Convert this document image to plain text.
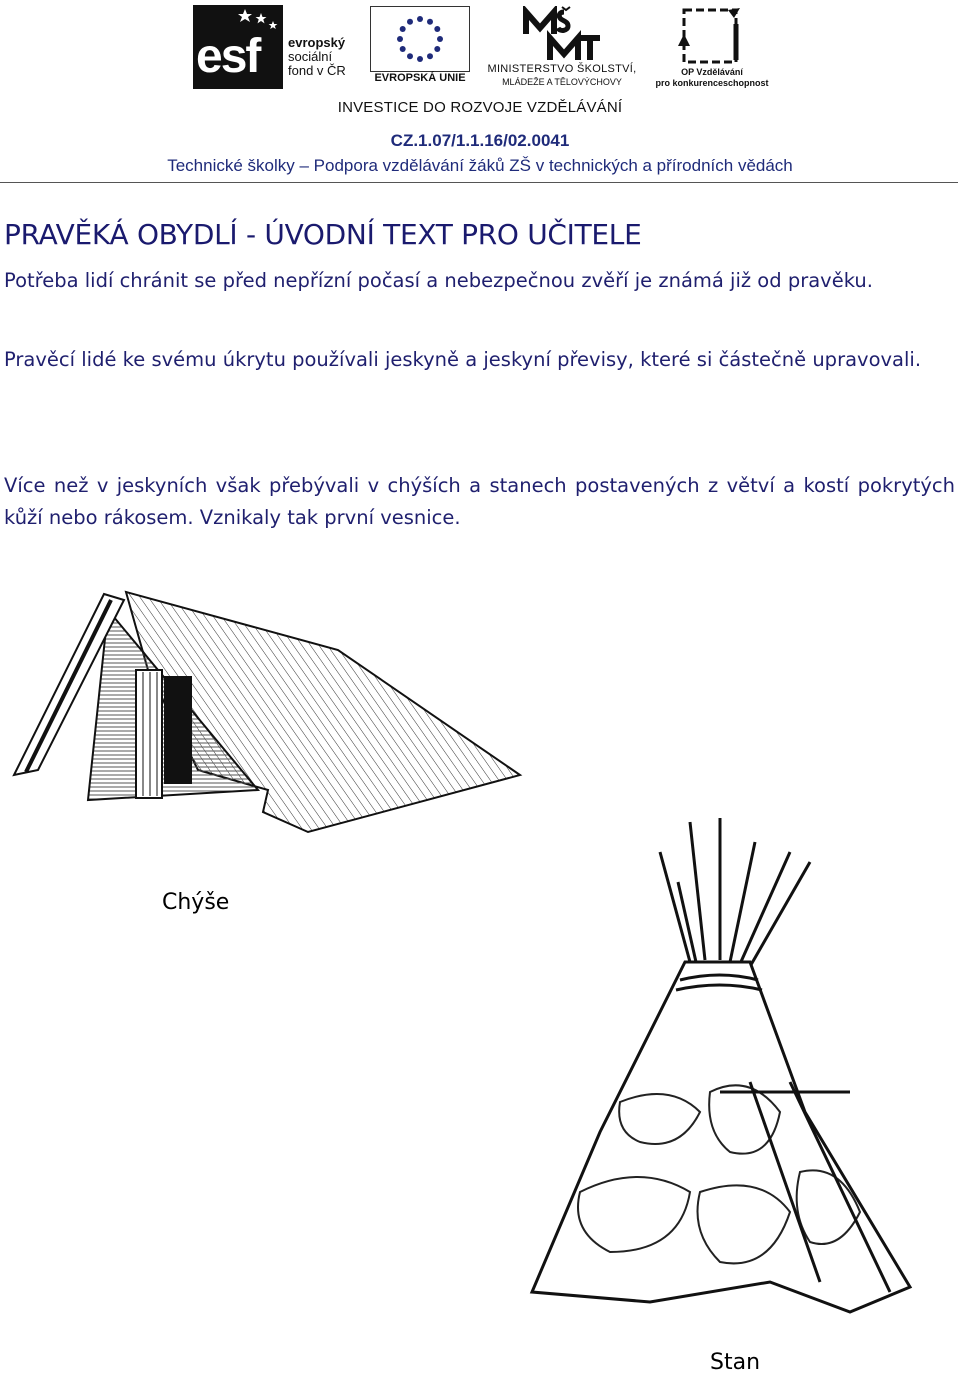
esf evropský
sociální
fond v ČR	EVROPSKÁ UNIE
MINISTERSTVO ŠKOLSTVÍ,
MLÁDEŽE A TĚLOVÝCHOVY
OP Vzdělávání
pro konkurenceschopnost
INVESTICE DO ROZVOJE VZDĚLÁVÁNÍ
CZ.1.07/1.1.16/02.0041
Technické školky – Podpora vzdělávání žáků ZŠ v technických a přírodních vědách
PRAVĚKÁ OBYDLÍ - ÚVODNÍ TEXT PRO UČITELE
Potřeba lidí chránit se před nepřízní počasí a nebezpečnou zvěří je známá již od pravěku.
Pravěcí lidé ke svému úkrytu používali jeskyně a jeskyní převisy, které si částečně upravovali.
Více než v jeskyních však přebývali v chýších a stanech postavených z větví a kostí pokrytých kůží nebo rákosem. Vznikaly tak první vesnice.
Chýše
Stan
